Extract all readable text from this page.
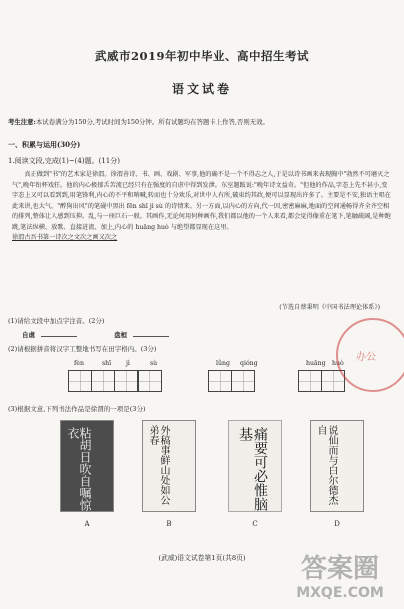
武威市2019年初中毕业、高中招生考试
语文试卷
考生注意:本试卷满分为150分,考试时间为150分钟。所有试题均在答题卡上作答,否则无效。
一、积累与运用(30分)
1.阅读文段,完成(1)~(4)题。(11分)
真正做到"书"的艺术家是徐渭。徐渭善诗、书、画、戏剧、军事,他的确不是一个不得志之人,于是以诗书画来表现胸中"勃然不可磨灭之气",晚年衔杯戏狂。他的内心极郁舌苦流已经只有在强度的自虐中得到发泄。东室题跋说:"晚年诗文益奇。"但他的作品,字态上先不甚小,变字态上又可以看到到,用笔锋利,内心的不平和呐喊,转而也十分欢乐,对世中人有所,破束约其政,便可以显现出许多了。主要是不安,独语主唱在此来讲,也大气。"醉狗出风"的笔砚中黑出 fēn shī jì sù 的诗情来。另一方面,以内心的方向,代一因,密密麻麻,地面的空间通畅得齐全齐空相的排列,整体让人感到压抑。乱,与一座巨石一般。其画作,无论何用何种画作,我们都以他的一个人来看,都会觉得像重在笔下,笔触疏阔,是种跑跳,笔法纵横、放歌、直接迸流、加上,内心的 huāng huò 与绝望都显现在这里。
徐渭古吾书第一诗次之文次之画又次之
(节选自蔡秉明《中国书法理论体系》)
(1)请给文段中加点字注音。(2分)
自虐	盘桓
(2)请根据拼音将汉字工整地书写在田字格内。(3分)
fèn	shī jì	sù	lǜng qióng	huāng huò
(3)根据文意,下列书法作品是徐渭的一项是(3分)
粘胡日吹自嘱惊衣	外稿事鲜山处如公弟春	痛要可必惟脑基	说仙而与白尔德杰自
A	B	C	D
(武威)语文试卷第1页(共8页)
办公
答案圈
MXQE.COM
